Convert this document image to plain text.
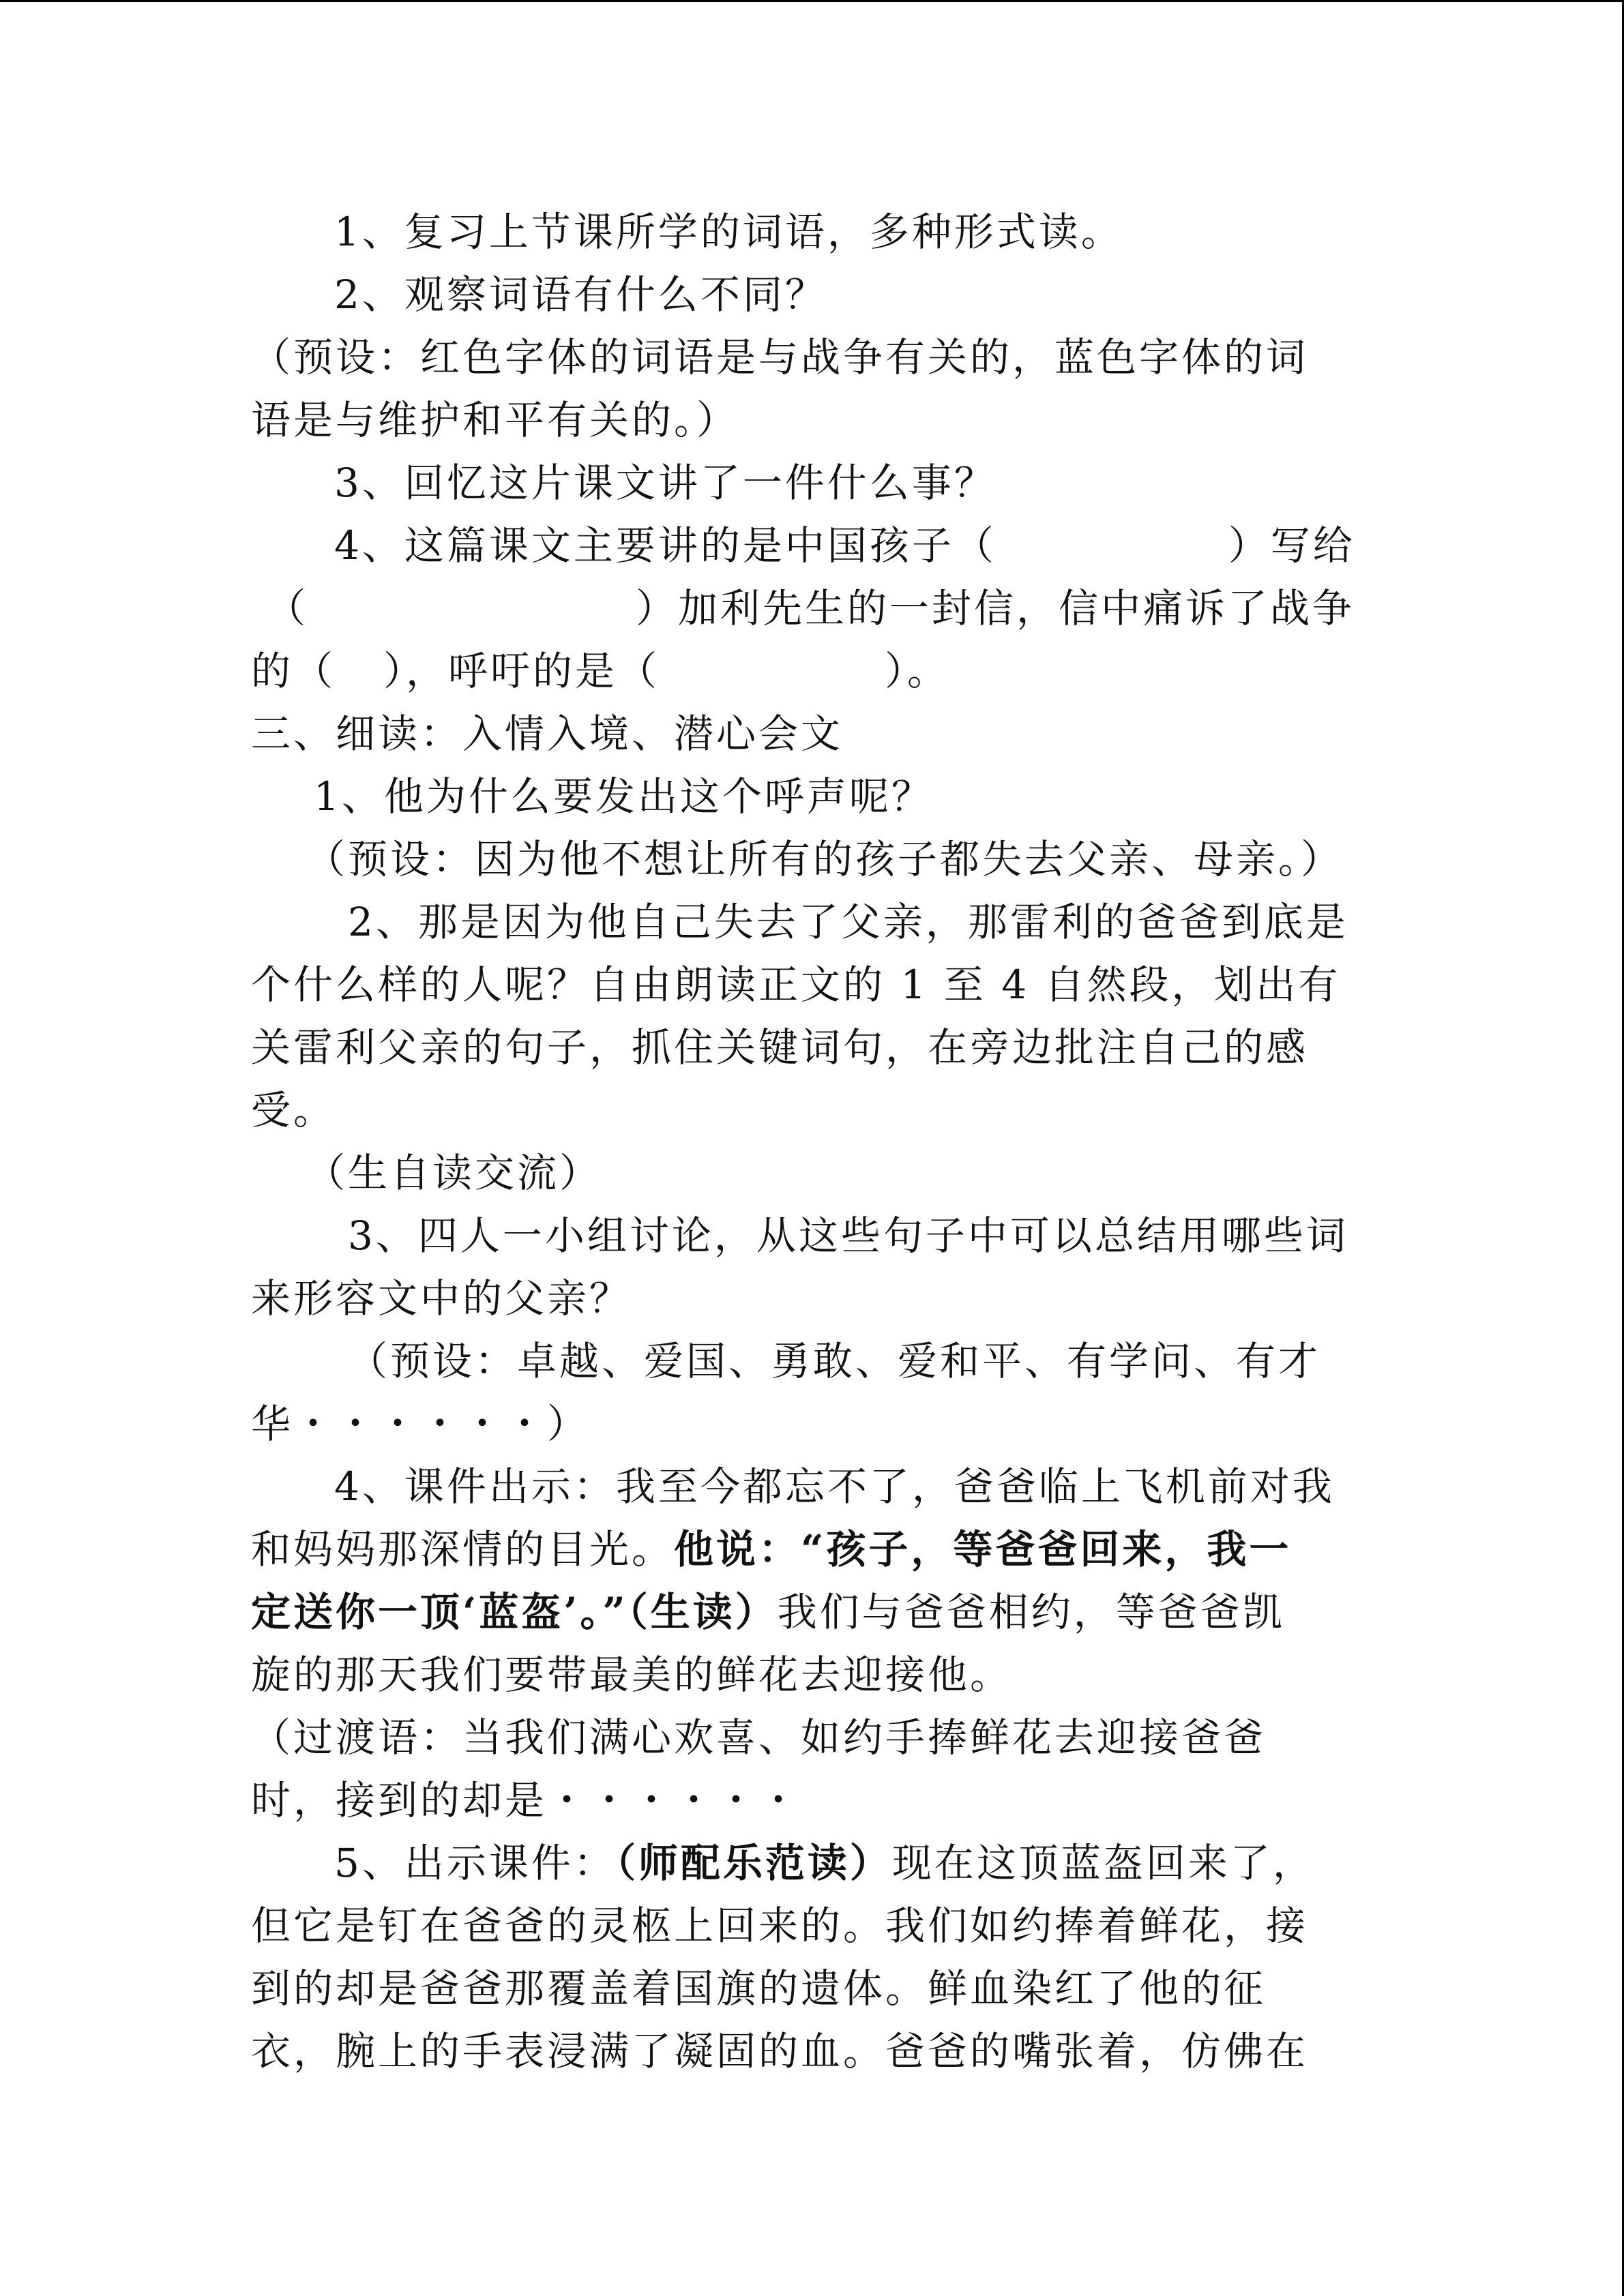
1、复习上节课所学的词语，多种形式读。
2、观察词语有什么不同？
（预设：红色字体的词语是与战争有关的，蓝色字体的词
语是与维护和平有关的。）
3、回忆这片课文讲了一件什么事？
4、这篇课文主要讲的是中国孩子（	）写给
（	）加利先生的一封信，信中痛诉了战争
的（ ），呼吁的是（	）。
三、细读：入情入境、潜心会文
1、他为什么要发出这个呼声呢？
（预设：因为他不想让所有的孩子都失去父亲、母亲。）
2、那是因为他自己失去了父亲，那雷利的爸爸到底是
个什么样的人呢？自由朗读正文的 1 至 4 自然段，划出有
关雷利父亲的句子，抓住关键词句，在旁边批注自己的感
受。
（生自读交流）
3、四人一小组讨论，从这些句子中可以总结用哪些词
来形容文中的父亲？
（预设：卓越、爱国、勇敢、爱和平、有学问、有才
华・・・・・・）
4、课件出示：我至今都忘不了，爸爸临上飞机前对我
和妈妈那深情的目光。他说：“孩子，等爸爸回来，我一
定送你一顶‘蓝盔’。”（生读）我们与爸爸相约，等爸爸凯
旋的那天我们要带最美的鲜花去迎接他。
（过渡语：当我们满心欢喜、如约手捧鲜花去迎接爸爸
时，接到的却是・・・・・・
5、出示课件：（师配乐范读）现在这顶蓝盔回来了，
但它是钉在爸爸的灵柩上回来的。我们如约捧着鲜花，接
到的却是爸爸那覆盖着国旗的遗体。鲜血染红了他的征
衣，腕上的手表浸满了凝固的血。爸爸的嘴张着，仿佛在
